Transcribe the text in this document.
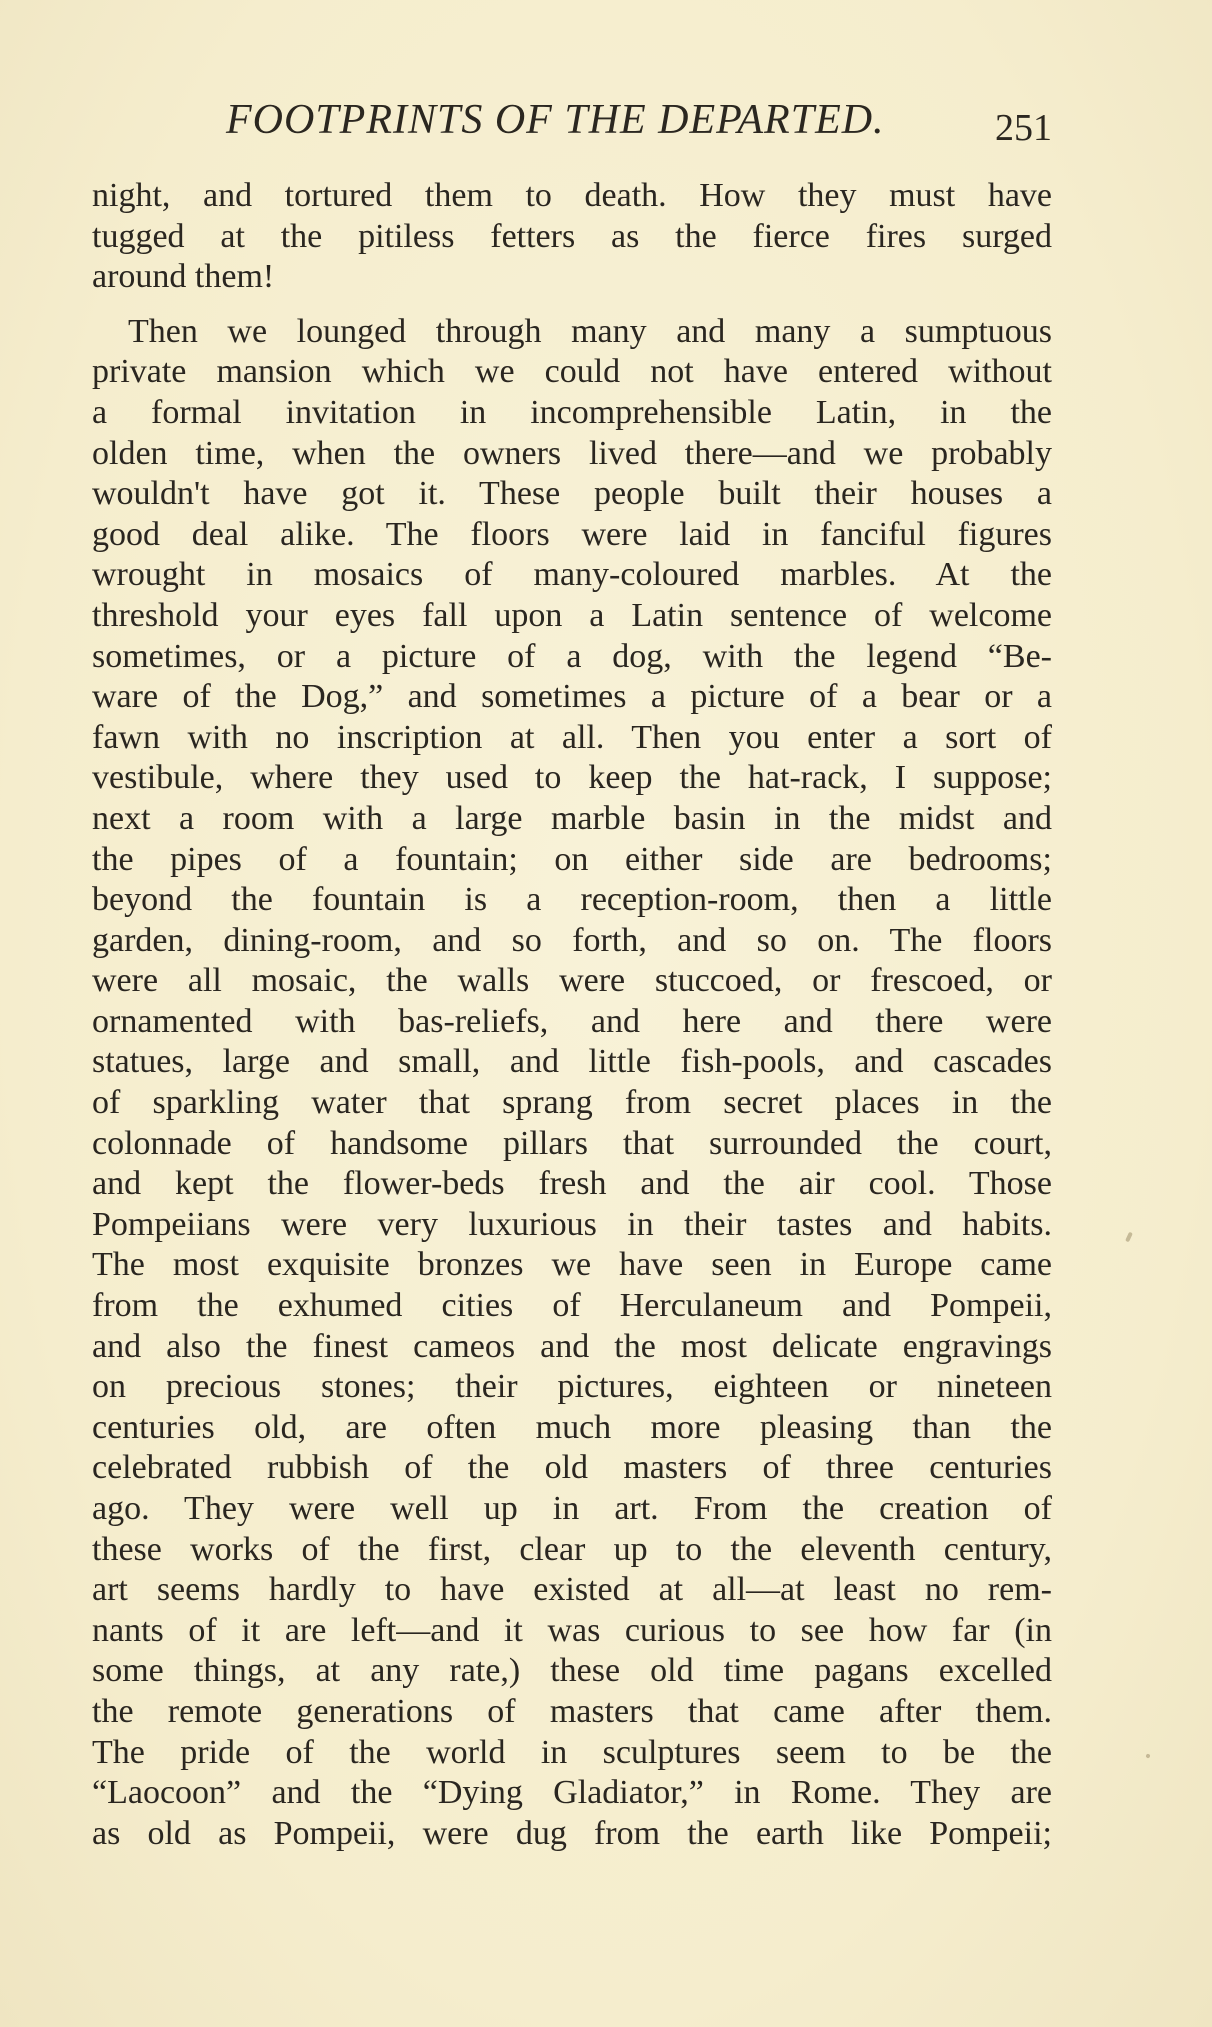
FOOTPRINTS OF THE DEPARTED.	251
night, and tortured them to death. How they must have
tugged at the pitiless fetters as the fierce fires surged
around them!
Then we lounged through many and many a sumptuous
private mansion which we could not have entered without
a formal invitation in incomprehensible Latin, in the
olden time, when the owners lived there—and we probably
wouldn't have got it. These people built their houses a
good deal alike. The floors were laid in fanciful figures
wrought in mosaics of many-coloured marbles. At the
threshold your eyes fall upon a Latin sentence of welcome
sometimes, or a picture of a dog, with the legend “Be-
ware of the Dog,” and sometimes a picture of a bear or a
fawn with no inscription at all. Then you enter a sort of
vestibule, where they used to keep the hat-rack, I suppose;
next a room with a large marble basin in the midst and
the pipes of a fountain; on either side are bedrooms;
beyond the fountain is a reception-room, then a little
garden, dining-room, and so forth, and so on. The floors
were all mosaic, the walls were stuccoed, or frescoed, or
ornamented with bas-reliefs, and here and there were
statues, large and small, and little fish-pools, and cascades
of sparkling water that sprang from secret places in the
colonnade of handsome pillars that surrounded the court,
and kept the flower-beds fresh and the air cool. Those
Pompeiians were very luxurious in their tastes and habits.
The most exquisite bronzes we have seen in Europe came
from the exhumed cities of Herculaneum and Pompeii,
and also the finest cameos and the most delicate engravings
on precious stones; their pictures, eighteen or nineteen
centuries old, are often much more pleasing than the
celebrated rubbish of the old masters of three centuries
ago. They were well up in art. From the creation of
these works of the first, clear up to the eleventh century,
art seems hardly to have existed at all—at least no rem-
nants of it are left—and it was curious to see how far (in
some things, at any rate,) these old time pagans excelled
the remote generations of masters that came after them.
The pride of the world in sculptures seem to be the
“Laocoon” and the “Dying Gladiator,” in Rome. They are
as old as Pompeii, were dug from the earth like Pompeii;
